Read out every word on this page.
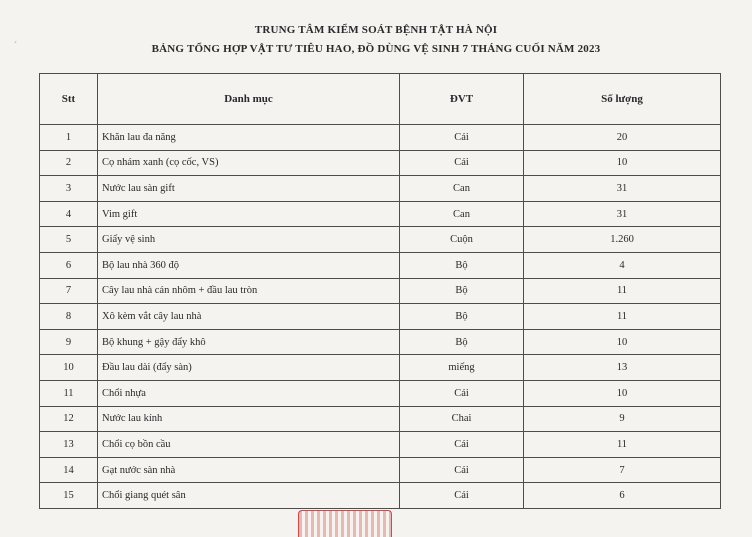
´
TRUNG TÂM KIỂM SOÁT BỆNH TẬT HÀ NỘI
BẢNG TỔNG HỢP VẬT TƯ TIÊU HAO, ĐỒ DÙNG VỆ SINH 7 THÁNG CUỐI NĂM 2023
Stt	Danh mục	ĐVT	Số lượng
1	Khăn lau đa năng	Cái	20
2	Cọ nhám xanh (cọ cốc, VS)	Cái	10
3	Nước lau sàn gift	Can	31
4	Vim gift	Can	31
5	Giấy vệ sinh	Cuộn	1.260
6	Bộ lau nhà 360 độ	Bộ	4
7	Cây lau nhà cán nhôm + đầu lau tròn	Bộ	11
8	Xô kèm vắt cây lau nhà	Bộ	11
9	Bộ khung + gậy đẩy khô	Bộ	10
10	Đầu lau dài (đẩy sàn)	miếng	13
11	Chổi nhựa	Cái	10
12	Nước lau kính	Chai	9
13	Chổi cọ bồn cầu	Cái	11
14	Gạt nước sàn nhà	Cái	7
15	Chổi giang quét sân	Cái	6
